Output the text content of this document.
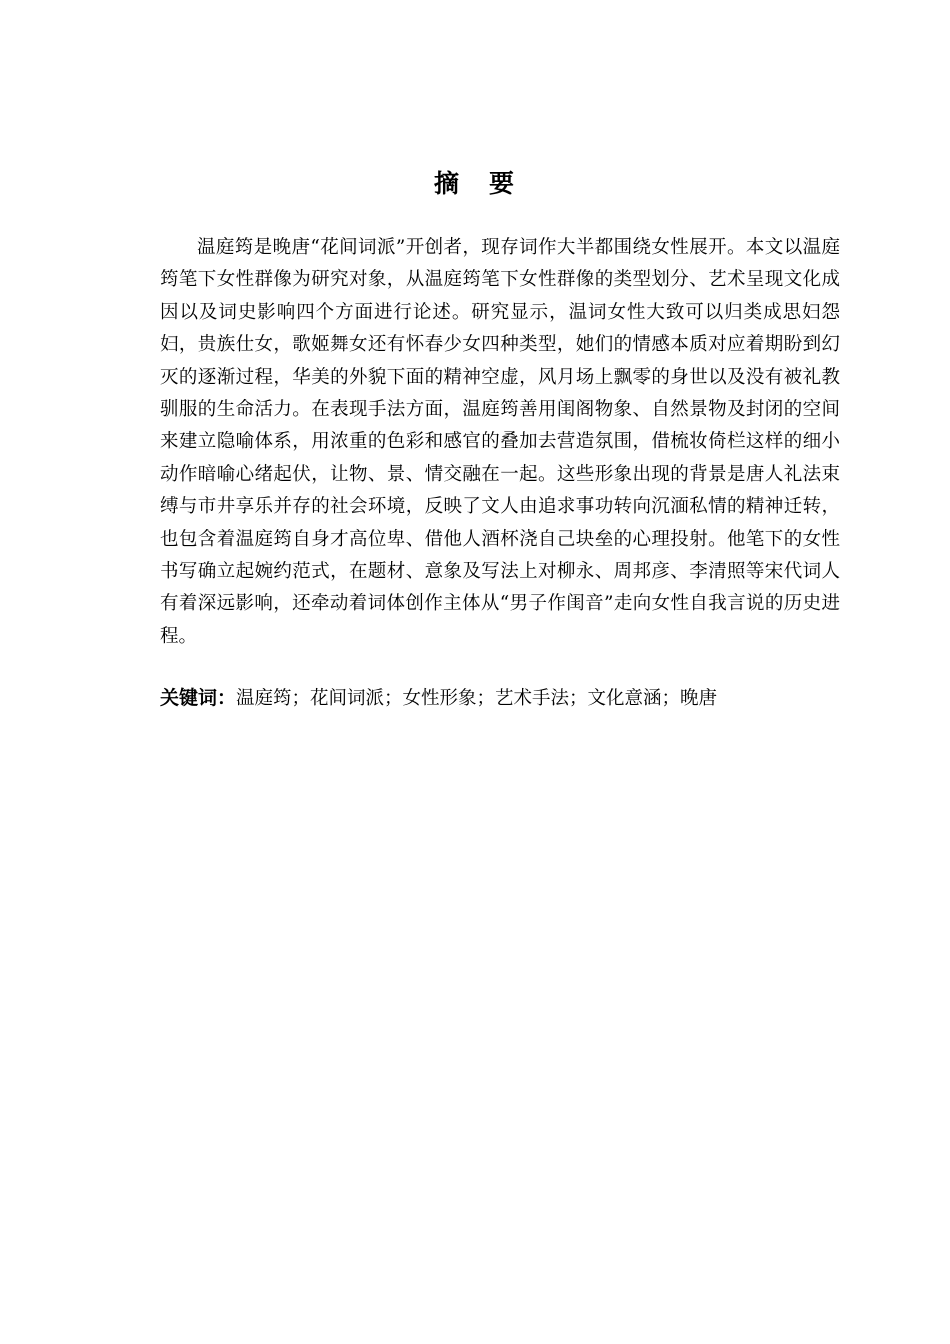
摘 要

温庭筠是晚唐“花间词派”开创者，现存词作大半都围绕女性展开。本文以温庭筠笔下女性群像为研究对象，从温庭筠笔下女性群像的类型划分、艺术呈现文化成因以及词史影响四个方面进行论述。研究显示，温词女性大致可以归类成思妇怨妇，贵族仕女，歌姬舞女还有怀春少女四种类型，她们的情感本质对应着期盼到幻灭的逐渐过程，华美的外貌下面的精神空虚，风月场上飘零的身世以及没有被礼教驯服的生命活力。在表现手法方面，温庭筠善用闺阁物象、自然景物及封闭的空间来建立隐喻体系，用浓重的色彩和感官的叠加去营造氛围，借梳妆倚栏这样的细小动作暗喻心绪起伏，让物、景、情交融在一起。这些形象出现的背景是唐人礼法束缚与市井享乐并存的社会环境，反映了文人由追求事功转向沉湎私情的精神迁转，也包含着温庭筠自身才高位卑、借他人酒杯浇自己块垒的心理投射。他笔下的女性书写确立起婉约范式，在题材、意象及写法上对柳永、周邦彦、李清照等宋代词人有着深远影响，还牵动着词体创作主体从“男子作闺音”走向女性自我言说的历史进程。

关键词：温庭筠；花间词派；女性形象；艺术手法；文化意涵；晚唐
